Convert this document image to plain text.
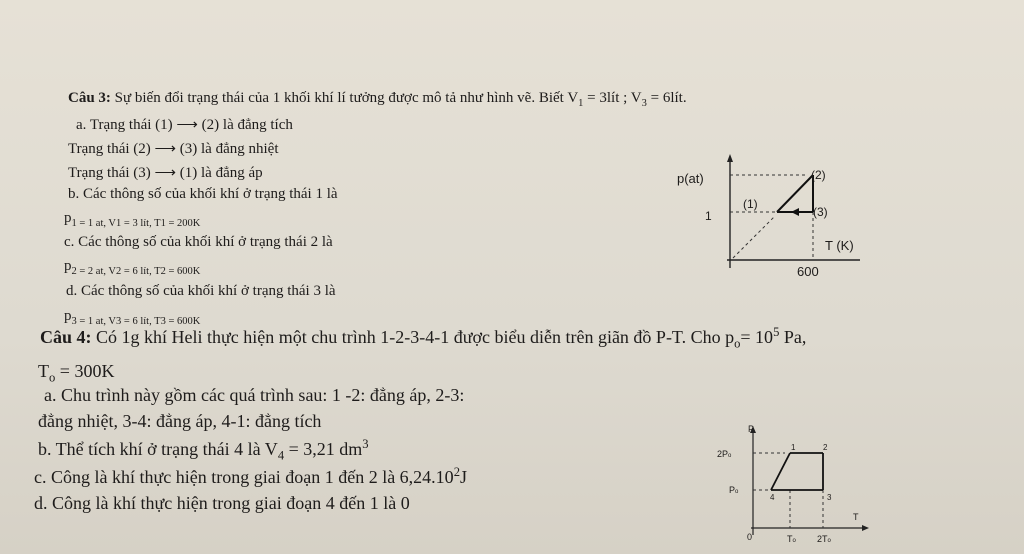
Câu 3: Sự biến đổi trạng thái của 1 khối khí lí tưởng được mô tả như hình vẽ. Biết $V_1$ = 3lít ; $V_3$ = 6lít.
a. Trạng thái (1) ⟶ (2) là đẳng tích
Trạng thái (2) ⟶ (3) là đẳng nhiệt
Trạng thái (3) ⟶ (1) là đẳng áp
b. Các thông số của khối khí ở trạng thái 1 là
$p_{1 = 1 at, V1 = 3 lít, T1 = 200K}$
c. Các thông số của khối khí ở trạng thái 2 là
$p_{2 = 2 at, V2 = 6 lít, T2 = 600K}$
d. Các thông số của khối khí ở trạng thái 3 là
$p_{3 = 1 at, V3 = 6 lít, T3 = 600K}$
p(at)
1
600
T (K)
(1)
(2)
(3)
Câu 4: Có 1g khí Heli thực hiện một chu trình 1-2-3-4-1 được biểu diễn trên giãn đồ P-T. Cho $p_o= 10^5$ Pa,
$T_o = 300K$
a. Chu trình này gồm các quá trình sau: 1 -2: đẳng áp, 2-3:
đẳng nhiệt, 3-4: đẳng áp, 4-1: đẳng tích
b. Thể tích khí ở trạng thái 4 là $V_4 = 3,21$ $dm^3$
c. Công là khí thực hiện trong giai đoạn 1 đến 2 là 6,24.10$^2$J
d. Công là khí thực hiện trong giai đoạn 4 đến 1 là 0
P
2Po
Po
0	To 2To
T
1	2
3
4
